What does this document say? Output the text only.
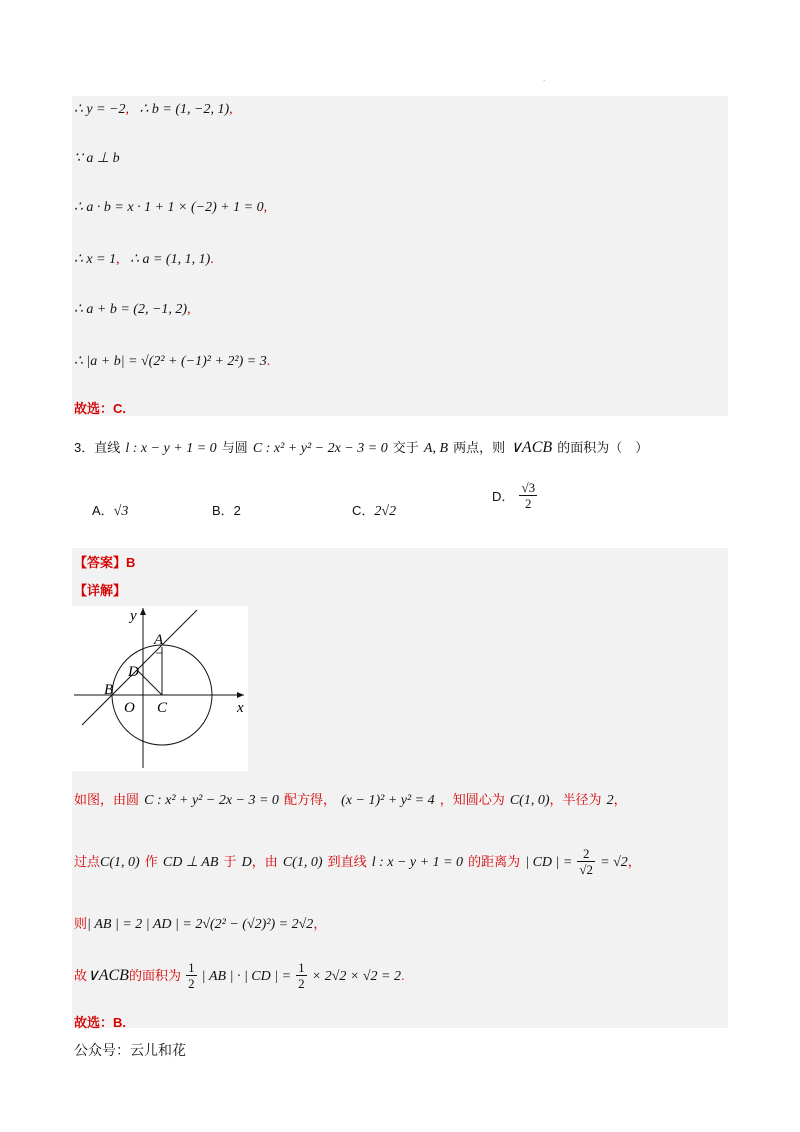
.
∴ y = −2, ∴ b = (1, −2, 1),
∵ a ⊥ b
∴ a · b = x · 1 + 1 × (−2) + 1 = 0,
∴ x = 1, ∴ a = (1, 1, 1).
∴ a + b = (2, −1, 2),
∴ |a + b| = √(2² + (−1)² + 2²) = 3.
故选：C.
3．直线 l : x − y + 1 = 0 与圆 C : x² + y² − 2x − 3 = 0 交于 A, B 两点，则 ∨ACB 的面积为（　）
A．√3	B．2	C．2√2
D． $\frac{√3}{2}$
【答案】B
【详解】
A
D
B
O C	x
y
如图，由圆 C : x² + y² − 2x − 3 = 0 配方得， (x − 1)² + y² = 4 ，知圆心为 C(1, 0)，半径为 2，
过点C(1, 0) 作 CD ⊥ AB 于 D，由 C(1, 0) 到直线 l : x − y + 1 = 0 的距离为 | CD | = $\frac{2}{√2} = √2$，
则| AB | = 2 | AD | = 2√(2² − (√2)²) = 2√2，
故∨ACB的面积为 $\frac{1}{2}$ | AB | · | CD | = $\frac{1}{2} \times 2√2 \times √2 = 2$.
故选：B.
公众号：云儿和花
